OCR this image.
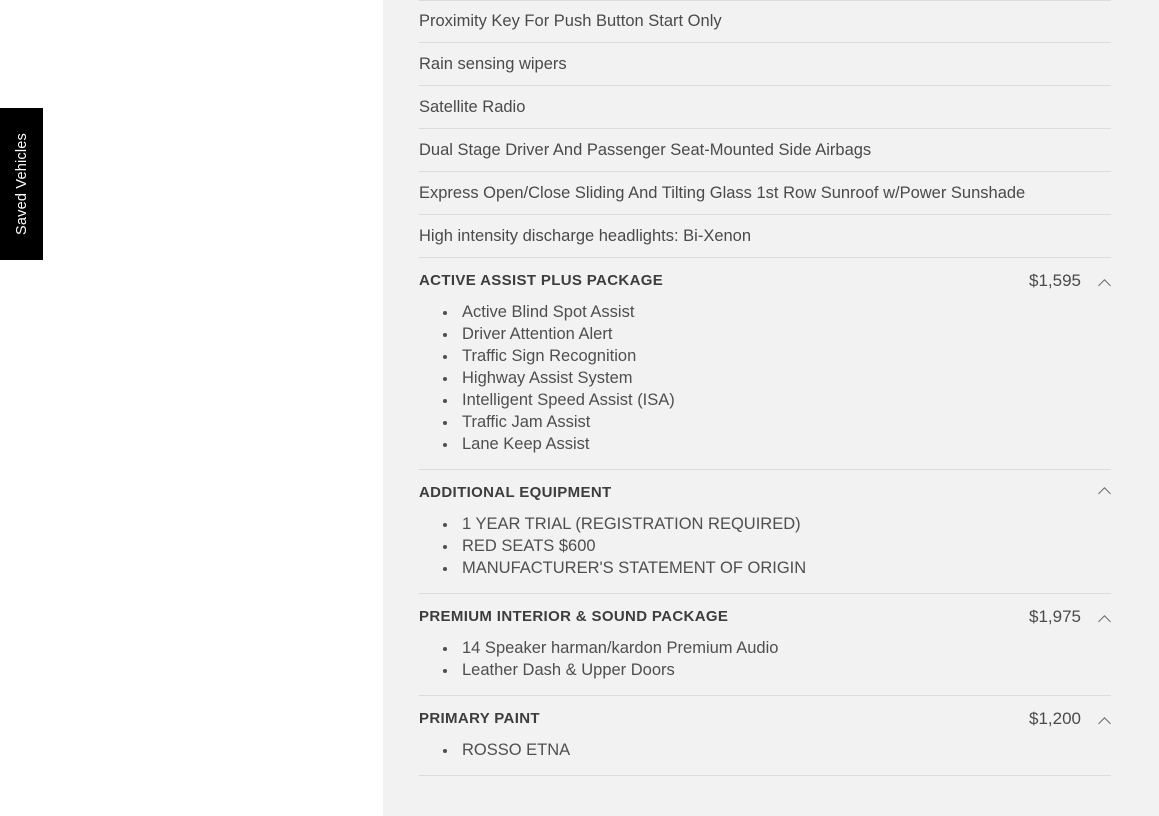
Saved Vehicles
Proximity Key For Push Button Start Only
Rain sensing wipers
Satellite Radio
Dual Stage Driver And Passenger Seat-Mounted Side Airbags
Express Open/Close Sliding And Tilting Glass 1st Row Sunroof w/Power Sunshade
High intensity discharge headlights: Bi-Xenon
ACTIVE ASSIST PLUS PACKAGE	$1,595
• Active Blind Spot Assist
• Driver Attention Alert
• Traffic Sign Recognition
• Highway Assist System
• Intelligent Speed Assist (ISA)
• Traffic Jam Assist
• Lane Keep Assist
ADDITIONAL EQUIPMENT
• 1 YEAR TRIAL (REGISTRATION REQUIRED)
• RED SEATS $600
• MANUFACTURER'S STATEMENT OF ORIGIN
PREMIUM INTERIOR & SOUND PACKAGE	$1,975
• 14 Speaker harman/kardon Premium Audio
• Leather Dash & Upper Doors
PRIMARY PAINT	$1,200
• ROSSO ETNA
